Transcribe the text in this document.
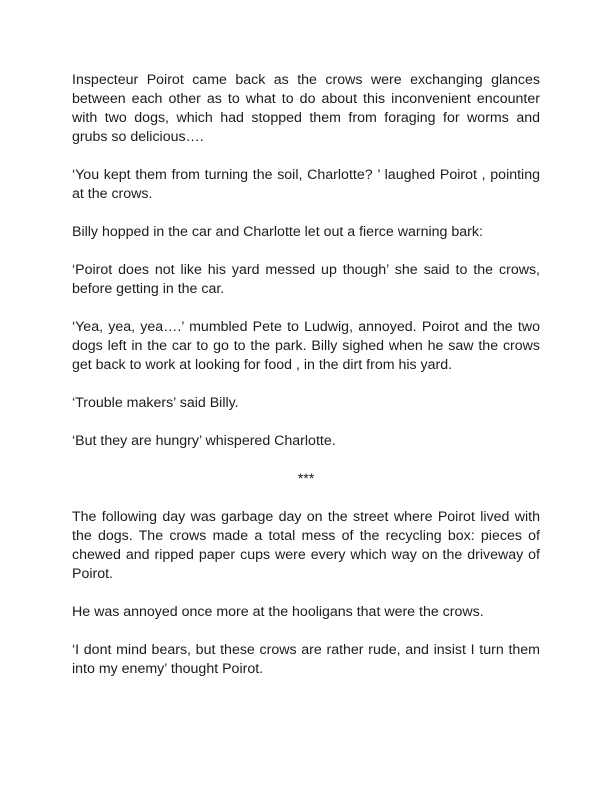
Inspecteur Poirot came back as the crows were exchanging glances between each other as to what to do about this inconvenient encounter with two dogs, which had stopped them from foraging for worms and grubs so delicious….

‘You kept them from turning the soil, Charlotte? ’ laughed Poirot , pointing at the crows.

Billy hopped in the car and Charlotte let out a fierce warning bark:

‘Poirot does not like his yard messed up though’ she said to the crows, before getting in the car.

‘Yea, yea, yea….’ mumbled Pete to Ludwig, annoyed. Poirot and the two dogs left in the car to go to the park. Billy sighed when he saw the crows get back to work at looking for food , in the dirt from his yard.

‘Trouble makers’ said Billy.

‘But they are hungry’ whispered Charlotte.

***

The following day was garbage day on the street where Poirot lived with the dogs. The crows made a total mess of the recycling box: pieces of chewed and ripped paper cups were every which way on the driveway of Poirot.

He was annoyed once more at the hooligans that were the crows.

‘I dont mind bears, but these crows are rather rude, and insist I turn them into my enemy’ thought Poirot.
